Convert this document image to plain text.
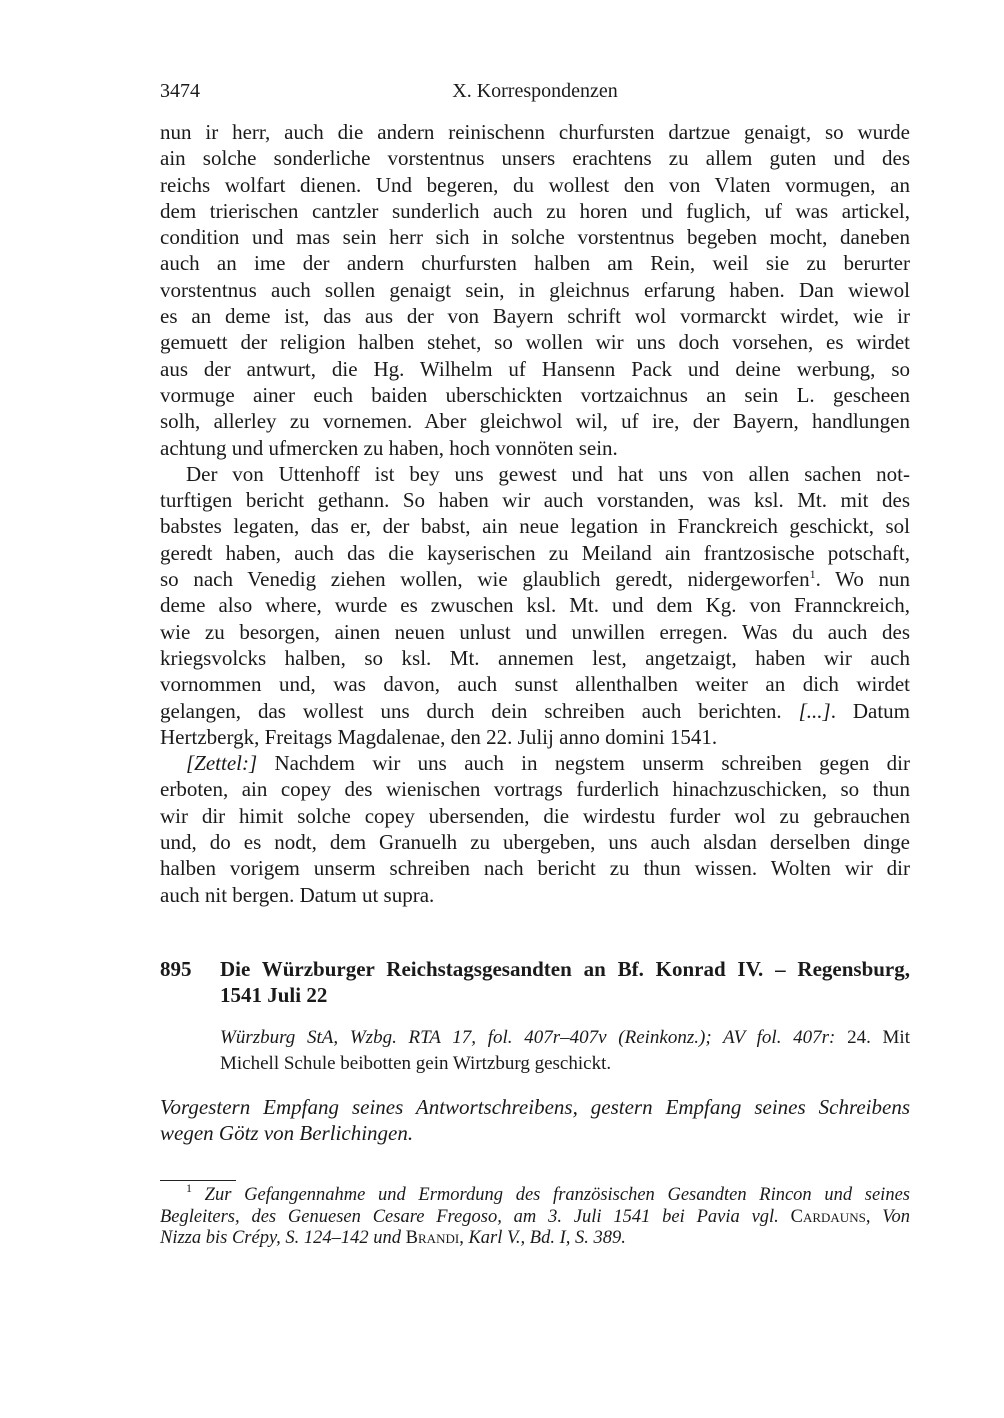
3474	X. Korrespondenzen
nun ir herr, auch die andern reinischenn churfursten dartzue genaigt, so wurde
ain solche sonderliche vorstentnus unsers erachtens zu allem guten und des
reichs wolfart dienen. Und begeren, du wollest den von Vlaten vormugen, an
dem trierischen cantzler sunderlich auch zu horen und fuglich, uf was artickel,
condition und mas sein herr sich in solche vorstentnus begeben mocht, daneben
auch an ime der andern churfursten halben am Rein, weil sie zu berurter
vorstentnus auch sollen genaigt sein, in gleichnus erfarung haben. Dan wiewol
es an deme ist, das aus der von Bayern schrift wol vormarckt wirdet, wie ir
gemuett der religion halben stehet, so wollen wir uns doch vorsehen, es wirdet
aus der antwurt, die Hg. Wilhelm uf Hansenn Pack und deine werbung, so
vormuge ainer euch baiden uberschickten vortzaichnus an sein L. gescheen
solh, allerley zu vornemen. Aber gleichwol wil, uf ire, der Bayern, handlungen
achtung und ufmercken zu haben, hoch vonnöten sein.
Der von Uttenhoff ist bey uns gewest und hat uns von allen sachen not-
turftigen bericht gethann. So haben wir auch vorstanden, was ksl. Mt. mit des
babstes legaten, das er, der babst, ain neue legation in Franckreich geschickt, sol
geredt haben, auch das die kayserischen zu Meiland ain frantzosische potschaft,
so nach Venedig ziehen wollen, wie glaublich geredt, nidergeworfen$^1$. Wo nun
deme also where, wurde es zwuschen ksl. Mt. und dem Kg. von Frannckreich,
wie zu besorgen, ainen neuen unlust und unwillen erregen. Was du auch des
kriegsvolcks halben, so ksl. Mt. annemen lest, angetzaigt, haben wir auch
vornommen und, was davon, auch sunst allenthalben weiter an dich wirdet
gelangen, das wollest uns durch dein schreiben auch berichten. [...]. Datum
Hertzbergk, Freitags Magdalenae, den 22. Julij anno domini 1541.
[Zettel:] Nachdem wir uns auch in negstem unserm schreiben gegen dir
erboten, ain copey des wienischen vortrags furderlich hinachzuschicken, so thun
wir dir himit solche copey ubersenden, die wirdestu furder wol zu gebrauchen
und, do es nodt, dem Granuelh zu ubergeben, uns auch alsdan derselben dinge
halben vorigem unserm schreiben nach bericht zu thun wissen. Wolten wir dir
auch nit bergen. Datum ut supra.
895 Die Würzburger Reichstagsgesandten an Bf. Konrad IV. – Regensburg,
1541 Juli 22
Würzburg StA, Wzbg. RTA 17, fol. 407r–407v (Reinkonz.); AV fol. 407r: 24. Mit
Michell Schule beibotten gein Wirtzburg geschickt.
Vorgestern Empfang seines Antwortschreibens, gestern Empfang seines Schreibens
wegen Götz von Berlichingen.
$^1$ Zur Gefangennahme und Ermordung des französischen Gesandten Rincon und seines
Begleiters, des Genuesen Cesare Fregoso, am 3. Juli 1541 bei Pavia vgl. Cardauns, Von
Nizza bis Crépy, S. 124–142 und Brandi, Karl V., Bd. I, S. 389.
